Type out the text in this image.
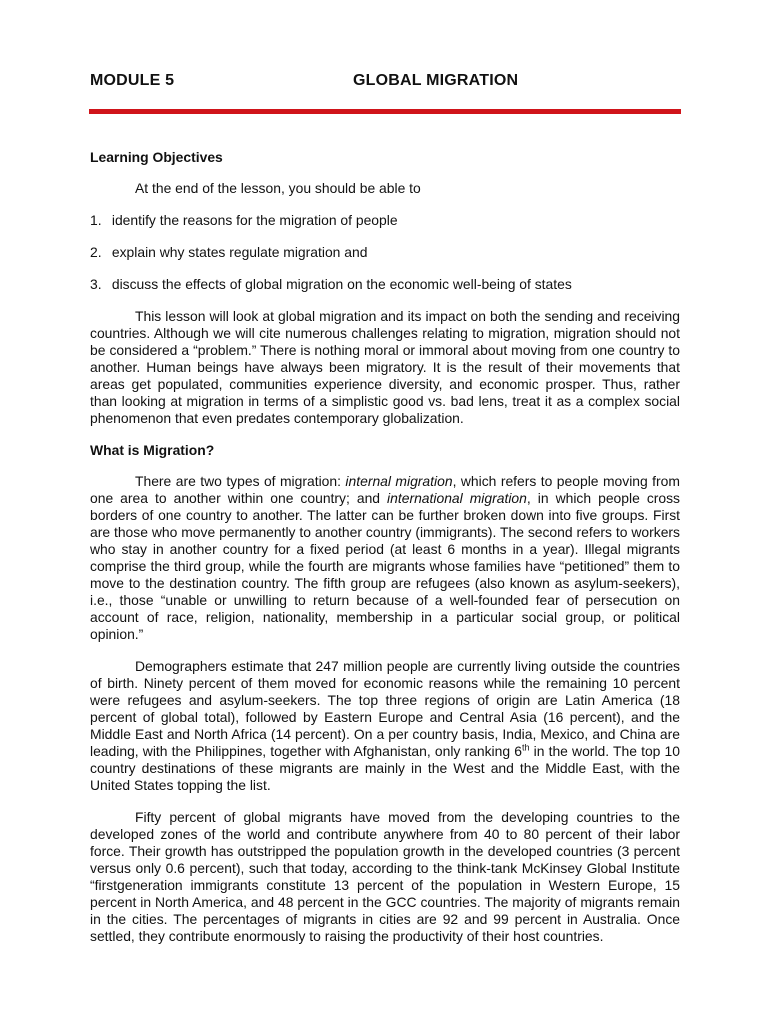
MODULE 5	GLOBAL MIGRATION
Learning Objectives

At the end of the lesson, you should be able to

1. identify the reasons for the migration of people
2. explain why states regulate migration and
3. discuss the effects of global migration on the economic well-being of states

This lesson will look at global migration and its impact on both the sending and receiving countries. Although we will cite numerous challenges relating to migration, migration should not be considered a “problem.” There is nothing moral or immoral about moving from one country to another. Human beings have always been migratory. It is the result of their movements that areas get populated, communities experience diversity, and economic prosper. Thus, rather than looking at migration in terms of a simplistic good vs. bad lens, treat it as a complex social phenomenon that even predates contemporary globalization.

What is Migration?

There are two types of migration: internal migration, which refers to people moving from one area to another within one country; and international migration, in which people cross borders of one country to another. The latter can be further broken down into five groups. First are those who move permanently to another country (immigrants). The second refers to workers who stay in another country for a fixed period (at least 6 months in a year). Illegal migrants comprise the third group, while the fourth are migrants whose families have “petitioned” them to move to the destination country. The fifth group are refugees (also known as asylum-seekers), i.e., those “unable or unwilling to return because of a well-founded fear of persecution on account of race, religion, nationality, membership in a particular social group, or political opinion.”

Demographers estimate that 247 million people are currently living outside the countries of birth. Ninety percent of them moved for economic reasons while the remaining 10 percent were refugees and asylum-seekers. The top three regions of origin are Latin America (18 percent of global total), followed by Eastern Europe and Central Asia (16 percent), and the Middle East and North Africa (14 percent). On a per country basis, India, Mexico, and China are leading, with the Philippines, together with Afghanistan, only ranking 6th in the world. The top 10 country destinations of these migrants are mainly in the West and the Middle East, with the United States topping the list.

Fifty percent of global migrants have moved from the developing countries to the developed zones of the world and contribute anywhere from 40 to 80 percent of their labor force. Their growth has outstripped the population growth in the developed countries (3 percent versus only 0.6 percent), such that today, according to the think-tank McKinsey Global Institute “firstgeneration immigrants constitute 13 percent of the population in Western Europe, 15 percent in North America, and 48 percent in the GCC countries. The majority of migrants remain in the cities. The percentages of migrants in cities are 92 and 99 percent in Australia. Once settled, they contribute enormously to raising the productivity of their host countries.
